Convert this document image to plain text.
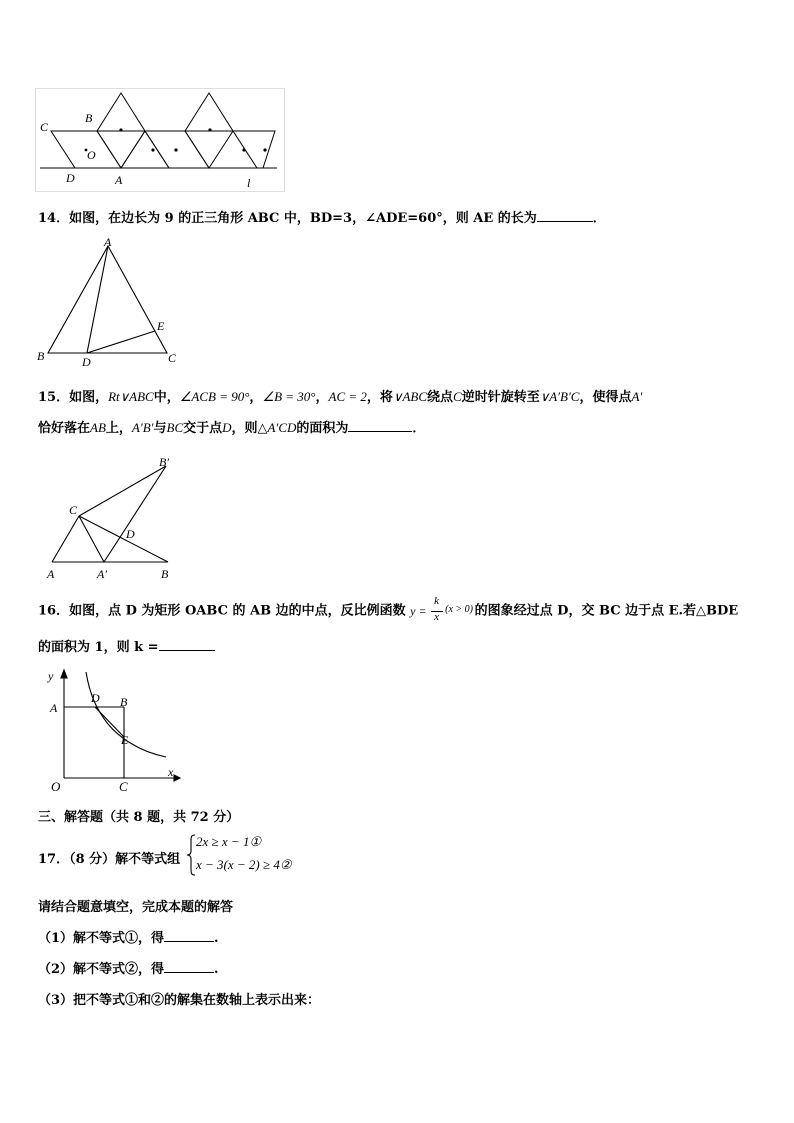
C
B
O
D	A	l
14．如图，在边长为 9 的正三角形 ABC 中，BD=3，∠ADE=60°，则 AE 的长为	．
A
B	C
D
E
15．如图，Rt∨ABC中，∠ACB = 90°，∠B = 30°，AC = 2，将∨ABC绕点C逆时针旋转至∨A′B′C，使得点A′
恰好落在AB上，A′B′与BC交于点D，则△A′CD的面积为	．
C
B′
D
A	A′	B
16．如图，点 D 为矩形 OABC 的 AB 边的中点，反比例函数 y =
k
x
(x > 0) 的图象经过点 D，交 BC 边于点 E.若△BDE
的面积为 1，则 k =
y
x
O
A	B
C
D
E
三、解答题（共 8 题，共 72 分）
17．（8 分）解不等式组
2x ≥ x − 1①
x − 3(x − 2) ≥ 4②
请结合题意填空，完成本题的解答
（1）解不等式①，得	.
（2）解不等式②，得	.
（3）把不等式①和②的解集在数轴上表示出来：
